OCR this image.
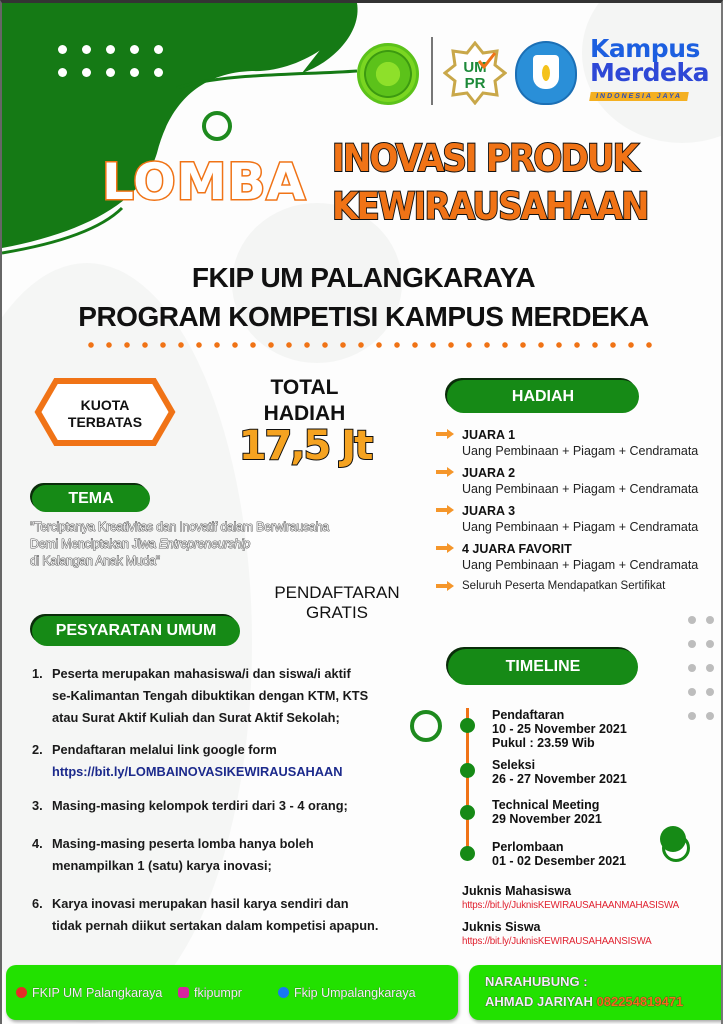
UM
PR
Kampus
Merdeka
INDONESIA JAYA
LOMBA INOVASI PRODUK
KEWIRAUSAHAAN
FKIP UM PALANGKARAYA
PROGRAM KOMPETISI KAMPUS MERDEKA
KUOTA
TERBATAS
TOTAL
HADIAH
17,5 Jt
TEMA
"Terciptanya Kreativitas dan Inovatif dalam Berwirausaha
Demi Menciptakan Jiwa Entrepreneurship
di Kalangan Anak Muda"
PENDAFTARAN
GRATIS
HADIAH
JUARA 1
Uang Pembinaan + Piagam + Cendramata
JUARA 2
Uang Pembinaan + Piagam + Cendramata
JUARA 3
Uang Pembinaan + Piagam + Cendramata
4 JUARA FAVORIT
Uang Pembinaan + Piagam + Cendramata
Seluruh Peserta Mendapatkan Sertifikat
PESYARATAN UMUM
1. Peserta merupakan mahasiswa/i dan siswa/i aktif
se-Kalimantan Tengah dibuktikan dengan KTM, KTS
atau Surat Aktif Kuliah dan Surat Aktif Sekolah;
2. Pendaftaran melalui link google form
https://bit.ly/LOMBAINOVASIKEWIRAUSAHAAN
3. Masing-masing kelompok terdiri dari 3 - 4 orang;
4. Masing-masing peserta lomba hanya boleh
menampilkan 1 (satu) karya inovasi;
6. Karya inovasi merupakan hasil karya sendiri dan
tidak pernah diikut sertakan dalam kompetisi apapun.
TIMELINE
Pendaftaran
10 - 25 November 2021
Pukul : 23.59 Wib
Seleksi
26 - 27 November 2021
Technical Meeting
29 November 2021
Perlombaan
01 - 02 Desember 2021
Juknis Mahasiswa
https://bit.ly/JuknisKEWIRAUSAHAANMAHASISWA
Juknis Siswa
https://bit.ly/JuknisKEWIRAUSAHAANSISWA
FKIP UM Palangkaraya	fkipumpr	Fkip Umpalangkaraya
NARAHUBUNG :
AHMAD JARIYAH 082254819471
